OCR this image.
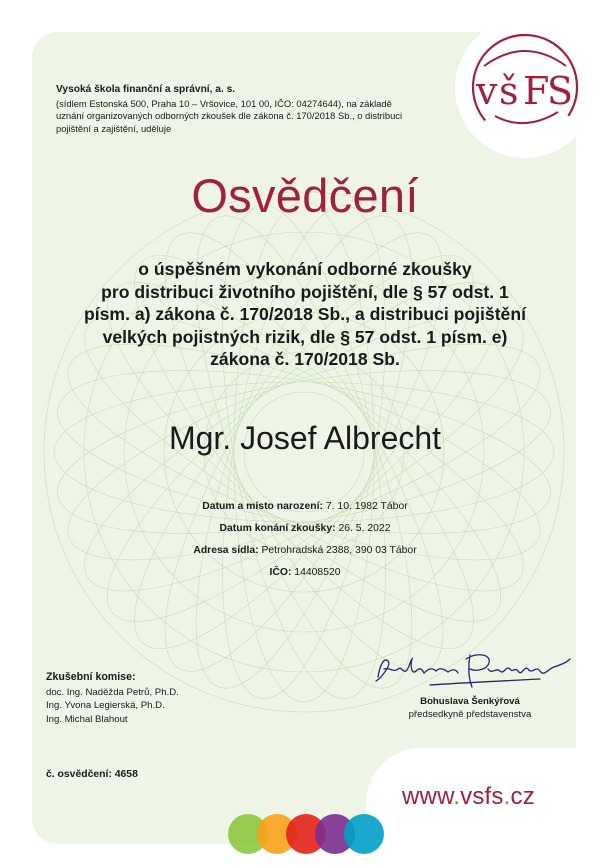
v š F
S
Vysoká škola finanční a správní, a. s.
(sídlem Estonská 500, Praha 10 – Vršovice, 101 00, IČO: 04274644), na základě
uznání organizovaných odborných zkoušek dle zákona č. 170/2018 Sb., o distribuci
pojištění a zajištění, uděluje
Osvědčení
o úspěšném vykonání odborné zkoušky
pro distribuci životního pojištění, dle § 57 odst. 1
písm. a) zákona č. 170/2018 Sb., a distribuci pojištění
velkých pojistných rizik, dle § 57 odst. 1 písm. e)
zákona č. 170/2018 Sb.
Mgr. Josef Albrecht
Datum a místo narození: 7. 10. 1982 Tábor
Datum konání zkoušky: 26. 5. 2022
Adresa sídla: Petrohradská 2388, 390 03 Tábor
IČO: 14408520
Zkušební komise:
doc. Ing. Naděžda Petrů, Ph.D.
Ing. Yvona Legierská, Ph.D.
Ing. Michal Blahout
Bohuslava Šenkýřová
předsedkyně představenstva
č. osvědčení: 4658
www.vsfs.cz
